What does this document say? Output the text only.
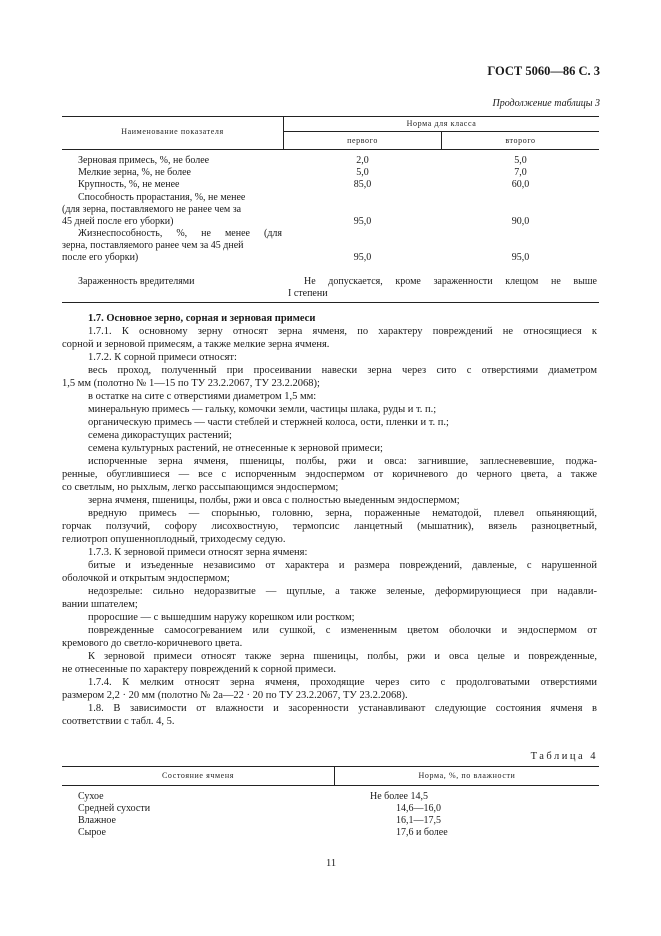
ГОСТ 5060—86 С. 3
Продолжение таблицы 3
Наименование показателя
Норма для класса
первого	второго
Зерновая примесь, %, не более	2,0	5,0
Мелкие зерна, %, не более	5,0	7,0
Крупность, %, не менее	85,0	60,0
Способность прорастания, %, не менее
(для зерна, поставляемого не ранее чем за
45 дней после его уборки)	95,0	90,0
Жизнеспособность, %, не менее (для
зерна, поставляемого ранее чем за 45 дней
после его уборки)	95,0	95,0
Зараженность вредителями	Не допускается, кроме зараженности клещом не выше
I степени
1.7. Основное зерно, сорная и зерновая примеси
1.7.1. К основному зерну относят зерна ячменя, по характеру повреждений не относящиеся к
сорной и зерновой примесям, а также мелкие зерна ячменя.
1.7.2. К сорной примеси относят:
весь проход, полученный при просеивании навески зерна через сито с отверстиями диаметром
1,5 мм (полотно № 1—15 по ТУ 23.2.2067, ТУ 23.2.2068);
в остатке на сите с отверстиями диаметром 1,5 мм:
минеральную примесь — гальку, комочки земли, частицы шлака, руды и т. п.;
органическую примесь — части стеблей и стержней колоса, ости, пленки и т. п.;
семена дикорастущих растений;
семена культурных растений, не отнесенные к зерновой примеси;
испорченные зерна ячменя, пшеницы, полбы, ржи и овса: загнившие, заплесневевшие, поджа-
ренные, обуглившиеся — все с испорченным эндоспермом от коричневого до черного цвета, а также
со светлым, но рыхлым, легко рассыпающимся эндоспермом;
зерна ячменя, пшеницы, полбы, ржи и овса с полностью выеденным эндоспермом;
вредную примесь — спорынью, головню, зерна, пораженные нематодой, плевел опьяняющий,
горчак ползучий, софору лисохвостную, термопсис ланцетный (мышатник), вязель разноцветный,
гелиотроп опушенноплодный, триходесму седую.
1.7.3. К зерновой примеси относят зерна ячменя:
битые и изъеденные независимо от характера и размера повреждений, давленые, с нарушенной
оболочкой и открытым эндоспермом;
недозрелые: сильно недоразвитые — щуплые, а также зеленые, деформирующиеся при надавли-
вании шпателем;
проросшие — с вышедшим наружу корешком или ростком;
поврежденные самосогреванием или сушкой, с измененным цветом оболочки и эндоспермом от
кремового до светло-коричневого цвета.
К зерновой примеси относят также зерна пшеницы, полбы, ржи и овса целые и поврежденные,
не отнесенные по характеру повреждений к сорной примеси.
1.7.4. К мелким относят зерна ячменя, проходящие через сито с продолговатыми отверстиями
размером 2,2 · 20 мм (полотно № 2а—22 · 20 по ТУ 23.2.2067, ТУ 23.2.2068).
1.8. В зависимости от влажности и засоренности устанавливают следующие состояния ячменя в
соответствии с табл. 4, 5.
Таблица 4
Состояние ячменя	Норма, %, по влажности
Сухое	Не более 14,5
Средней сухости	14,6—16,0
Влажное	16,1—17,5
Сырое	17,6 и более
11
